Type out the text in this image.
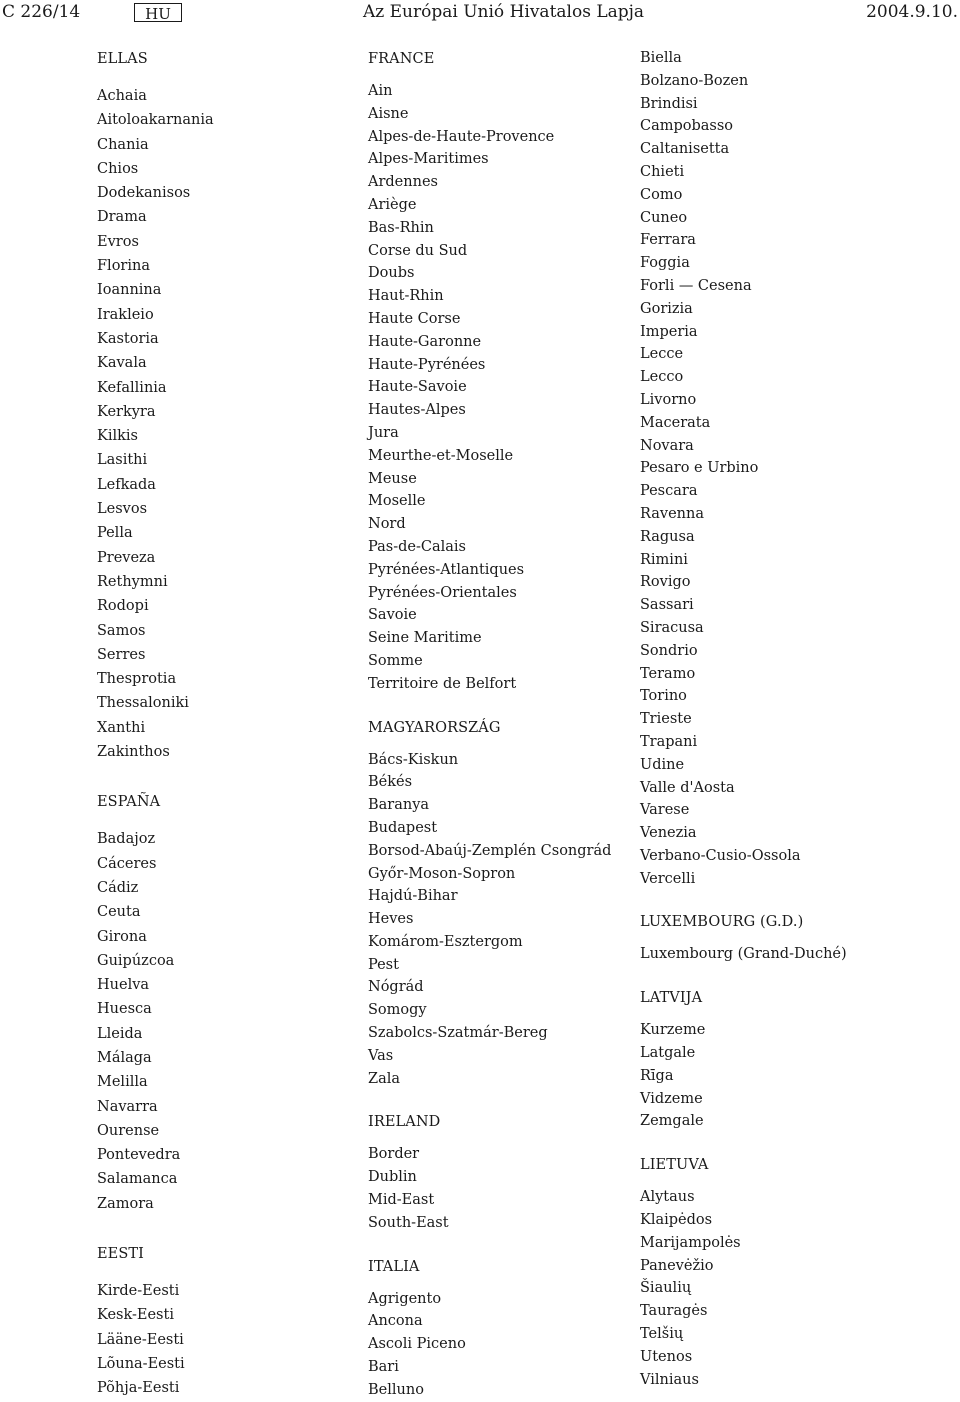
C 226/14	HU	Az Európai Unió Hivatalos Lapja	2004.9.10.
ELLAS
Achaia
Aitoloakarnania
Chania
Chios
Dodekanisos
Drama
Evros
Florina
Ioannina
Irakleio
Kastoria
Kavala
Kefallinia
Kerkyra
Kilkis
Lasithi
Lefkada
Lesvos
Pella
Preveza
Rethymni
Rodopi
Samos
Serres
Thesprotia
Thessaloniki
Xanthi
Zakinthos
ESPAÑA
Badajoz
Cáceres
Cádiz
Ceuta
Girona
Guipúzcoa
Huelva
Huesca
Lleida
Málaga
Melilla
Navarra
Ourense
Pontevedra
Salamanca
Zamora
EESTI
Kirde-Eesti
Kesk-Eesti
Lääne-Eesti
Lõuna-Eesti
Põhja-Eesti
FRANCE
Ain
Aisne
Alpes-de-Haute-Provence
Alpes-Maritimes
Ardennes
Ariège
Bas-Rhin
Corse du Sud
Doubs
Haut-Rhin
Haute Corse
Haute-Garonne
Haute-Pyrénées
Haute-Savoie
Hautes-Alpes
Jura
Meurthe-et-Moselle
Meuse
Moselle
Nord
Pas-de-Calais
Pyrénées-Atlantiques
Pyrénées-Orientales
Savoie
Seine Maritime
Somme
Territoire de Belfort
MAGYARORSZÁG
Bács-Kiskun
Békés
Baranya
Budapest
Borsod-Abaúj-Zemplén Csongrád
Győr-Moson-Sopron
Hajdú-Bihar
Heves
Komárom-Esztergom
Pest
Nógrád
Somogy
Szabolcs-Szatmár-Bereg
Vas
Zala
IRELAND
Border
Dublin
Mid-East
South-East
ITALIA
Agrigento
Ancona
Ascoli Piceno
Bari
Belluno
Biella
Bolzano-Bozen
Brindisi
Campobasso
Caltanisetta
Chieti
Como
Cuneo
Ferrara
Foggia
Forli — Cesena
Gorizia
Imperia
Lecce
Lecco
Livorno
Macerata
Novara
Pesaro e Urbino
Pescara
Ravenna
Ragusa
Rimini
Rovigo
Sassari
Siracusa
Sondrio
Teramo
Torino
Trieste
Trapani
Udine
Valle d'Aosta
Varese
Venezia
Verbano-Cusio-Ossola
Vercelli
LUXEMBOURG (G.D.)
Luxembourg (Grand-Duché)
LATVIJA
Kurzeme
Latgale
Rīga
Vidzeme
Zemgale
LIETUVA
Alytaus
Klaipėdos
Marijampolės
Panevėžio
Šiaulių
Tauragės
Telšių
Utenos
Vilniaus
